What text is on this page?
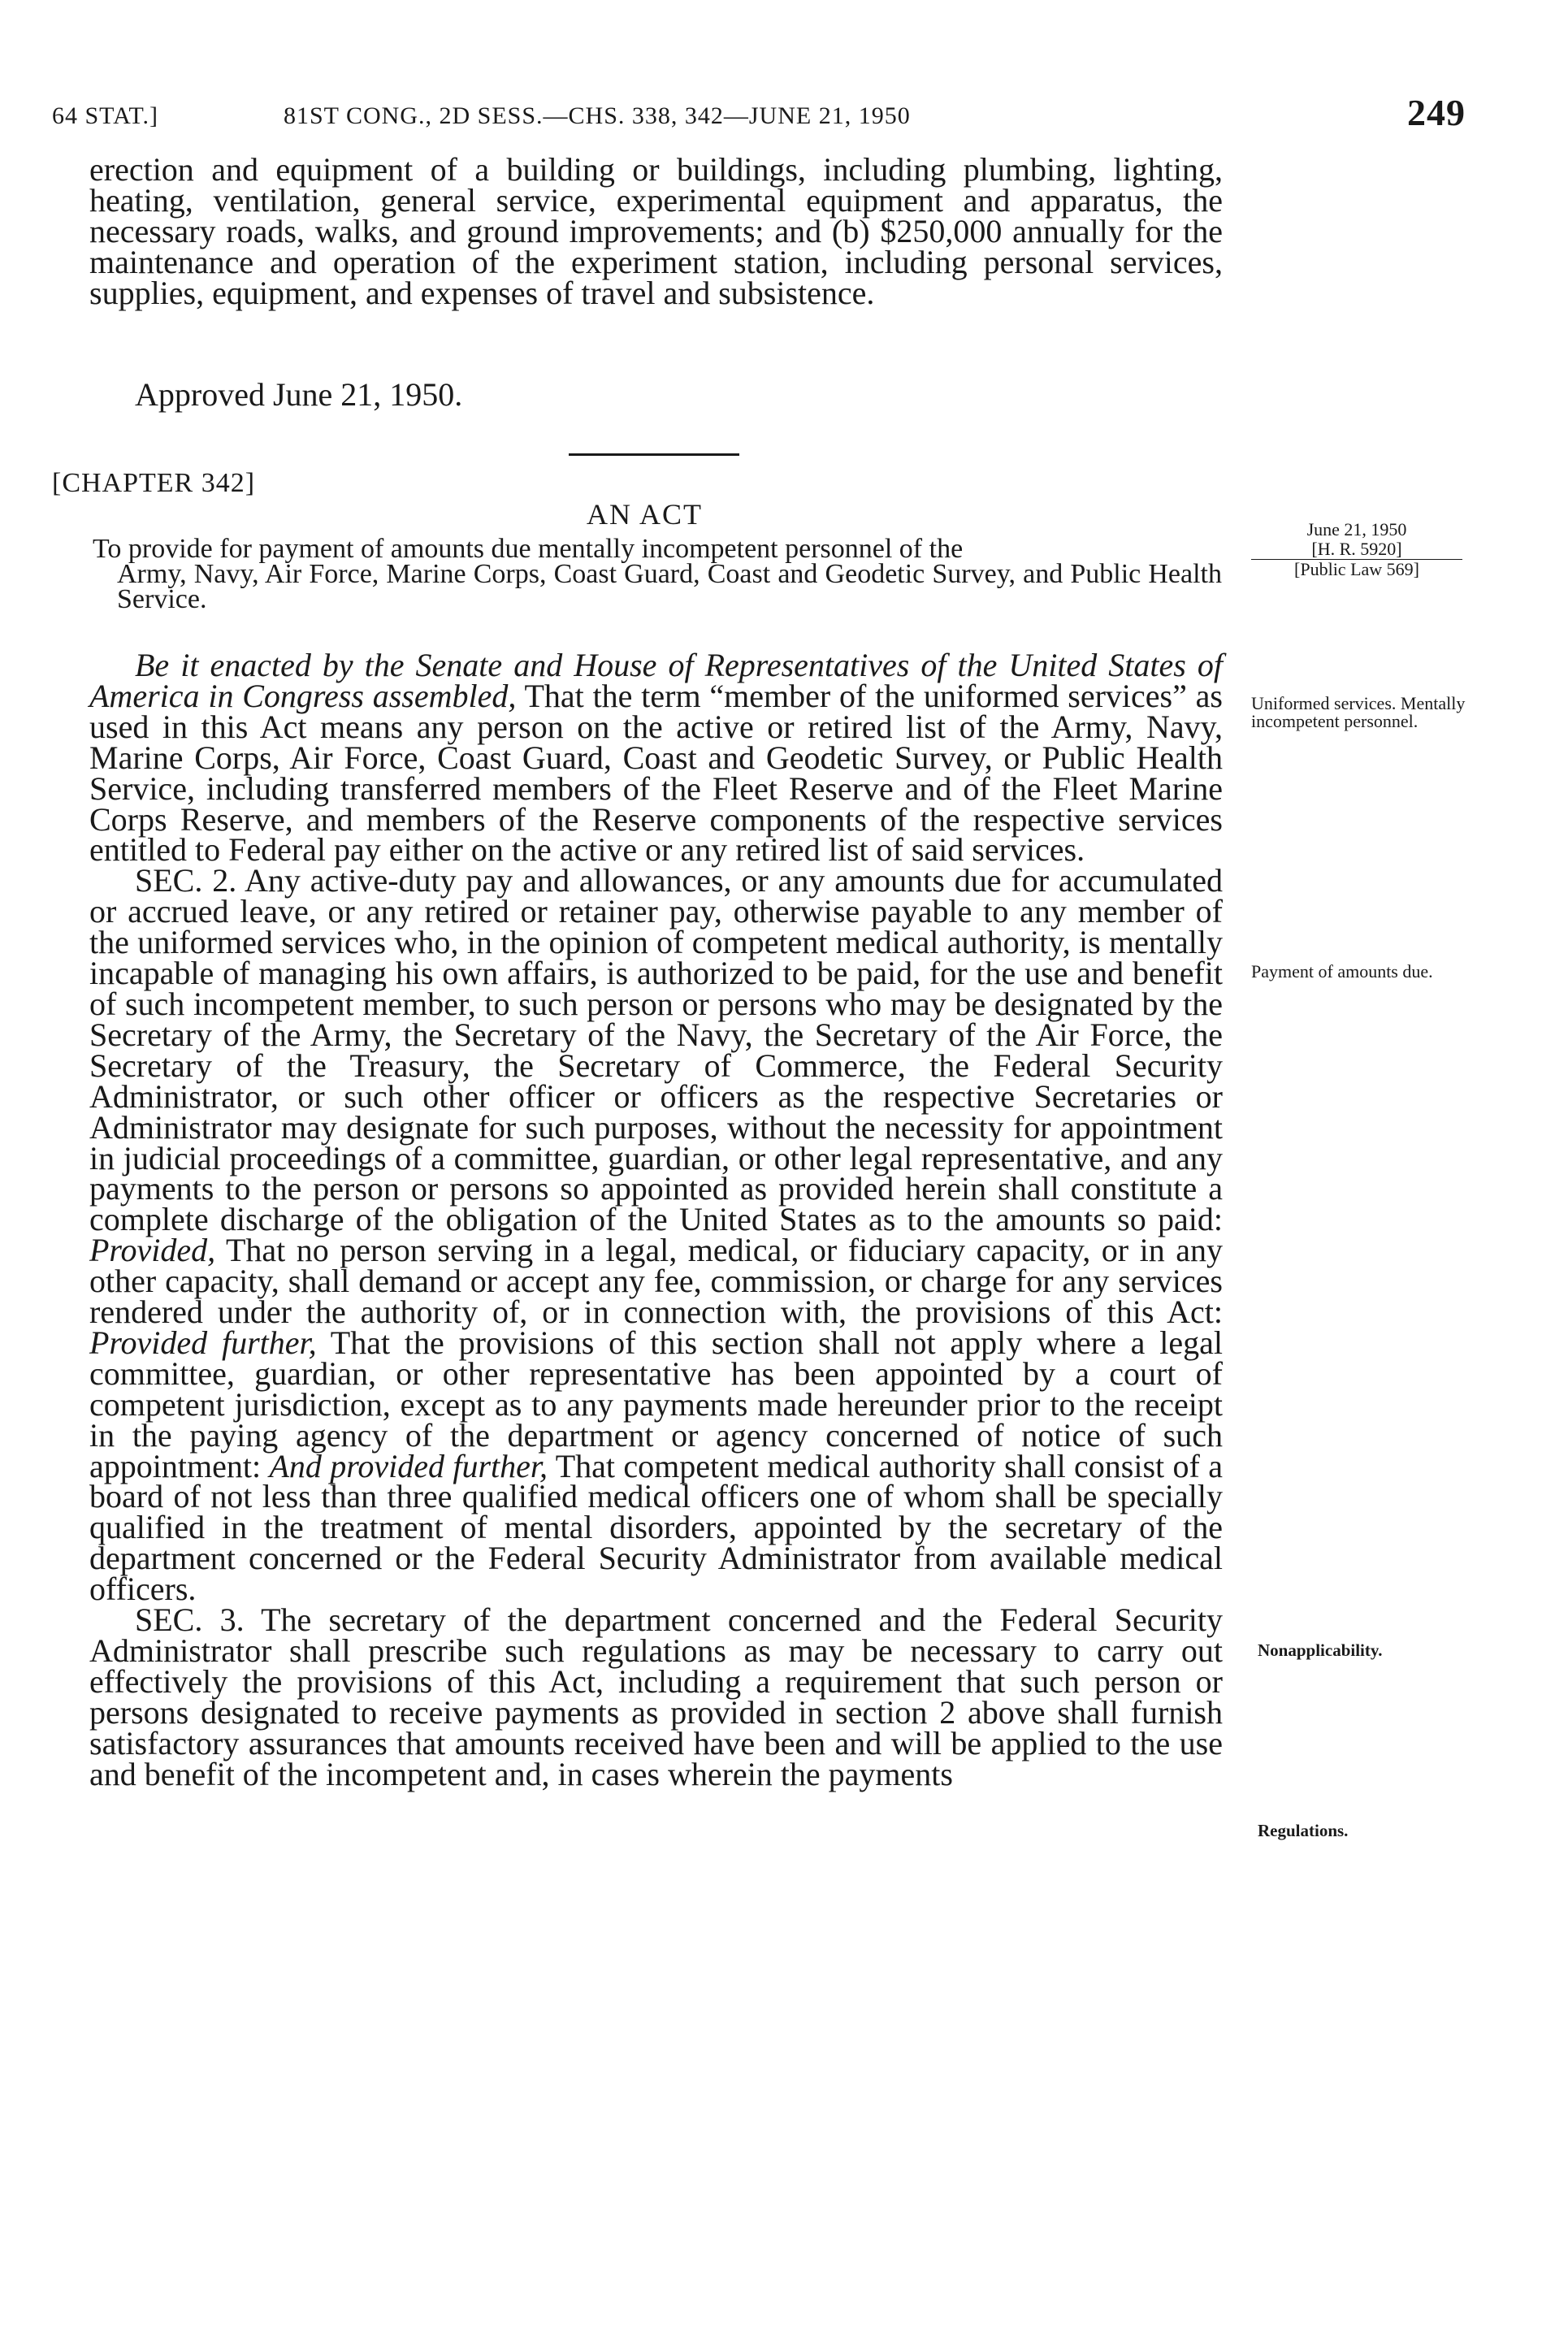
64 STAT.]	81ST CONG., 2D SESS.—CHS. 338, 342—JUNE 21, 1950	249

erection and equipment of a building or buildings, including plumbing, lighting, heating, ventilation, general service, experimental equipment and apparatus, the necessary roads, walks, and ground improvements; and (b) $250,000 annually for the maintenance and operation of the experiment station, including personal services, supplies, equipment, and expenses of travel and subsistence.

Approved June 21, 1950.
[CHAPTER 342]
AN ACT
To provide for payment of amounts due mentally incompetent personnel of the
Army, Navy, Air Force, Marine Corps, Coast Guard, Coast and Geodetic Survey, and Public Health Service.
June 21, 1950

[H. R. 5920]
[Public Law 569]

Be it enacted by the Senate and House of Representatives of the United States of America in Congress assembled, That the term “member of the uniformed services” as used in this Act means any person on the active or retired list of the Army, Navy, Marine Corps, Air Force, Coast Guard, Coast and Geodetic Survey, or Public Health Service, including transferred members of the Fleet Reserve and of the Fleet Marine Corps Reserve, and members of the Reserve components of the respective services entitled to Federal pay either on the active or any retired list of said services.

SEC. 2. Any active-duty pay and allowances, or any amounts due for accumulated or accrued leave, or any retired or retainer pay, otherwise payable to any member of the uniformed services who, in the opinion of competent medical authority, is mentally incapable of managing his own affairs, is authorized to be paid, for the use and benefit of such incompetent member, to such person or persons who may be designated by the Secretary of the Army, the Secretary of the Navy, the Secretary of the Air Force, the Secretary of the Treasury, the Secretary of Commerce, the Federal Security Administrator, or such other officer or officers as the respective Secretaries or Administrator may designate for such purposes, without the necessity for appointment in judicial proceedings of a committee, guardian, or other legal representative, and any payments to the person or persons so appointed as provided herein shall constitute a complete discharge of the obligation of the United States as to the amounts so paid: Provided, That no person serving in a legal, medical, or fiduciary capacity, or in any other capacity, shall demand or accept any fee, commission, or charge for any services rendered under the authority of, or in connection with, the provisions of this Act: Provided further, That the provisions of this section shall not apply where a legal committee, guardian, or other representative has been appointed by a court of competent jurisdiction, except as to any payments made hereunder prior to the receipt in the paying agency of the department or agency concerned of notice of such appointment: And provided further, That competent medical authority shall consist of a board of not less than three qualified medical officers one of whom shall be specially qualified in the treatment of mental disorders, appointed by the secretary of the department concerned or the Federal Security Administrator from available medical officers.

SEC. 3. The secretary of the department concerned and the Federal Security Administrator shall prescribe such regulations as may be necessary to carry out effectively the provisions of this Act, including a requirement that such person or persons designated to receive payments as provided in section 2 above shall furnish satisfactory assurances that amounts received have been and will be applied to the use and benefit of the incompetent and, in cases wherein the payments

Uniformed services. Mentally incompetent personnel.
Payment of amounts due.
Nonapplicability.
Regulations.
